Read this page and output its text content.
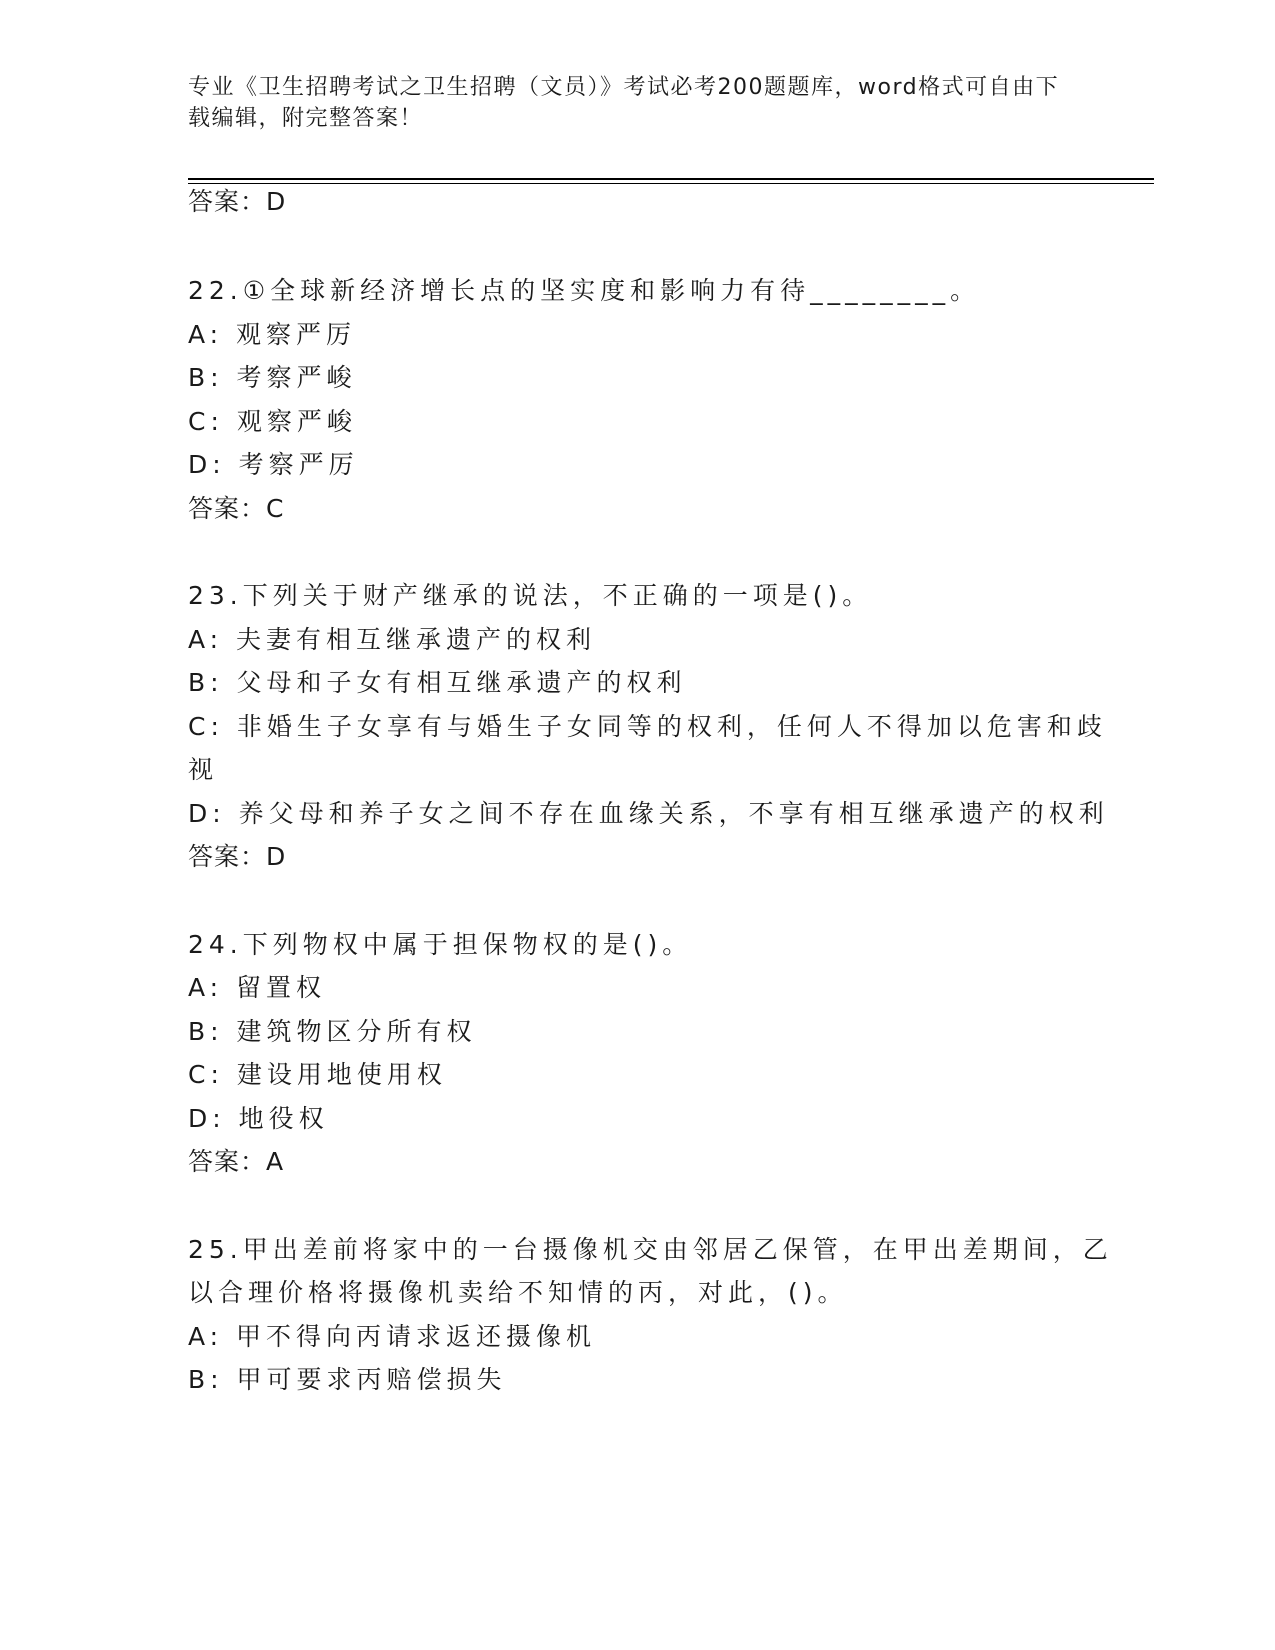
专业《卫生招聘考试之卫生招聘（文员）》考试必考200题题库，word格式可自由下载编辑，附完整答案！
答案：D
22.①全球新经济增长点的坚实度和影响力有待________。
A: 观察严厉
B: 考察严峻
C: 观察严峻
D: 考察严厉
答案：C
23.下列关于财产继承的说法，不正确的一项是()。
A: 夫妻有相互继承遗产的权利
B: 父母和子女有相互继承遗产的权利
C: 非婚生子女享有与婚生子女同等的权利，任何人不得加以危害和歧
视
D: 养父母和养子女之间不存在血缘关系，不享有相互继承遗产的权利
答案：D
24.下列物权中属于担保物权的是()。
A: 留置权
B: 建筑物区分所有权
C: 建设用地使用权
D: 地役权
答案：A
25.甲出差前将家中的一台摄像机交由邻居乙保管，在甲出差期间，乙
以合理价格将摄像机卖给不知情的丙，对此，()。
A: 甲不得向丙请求返还摄像机
B: 甲可要求丙赔偿损失
